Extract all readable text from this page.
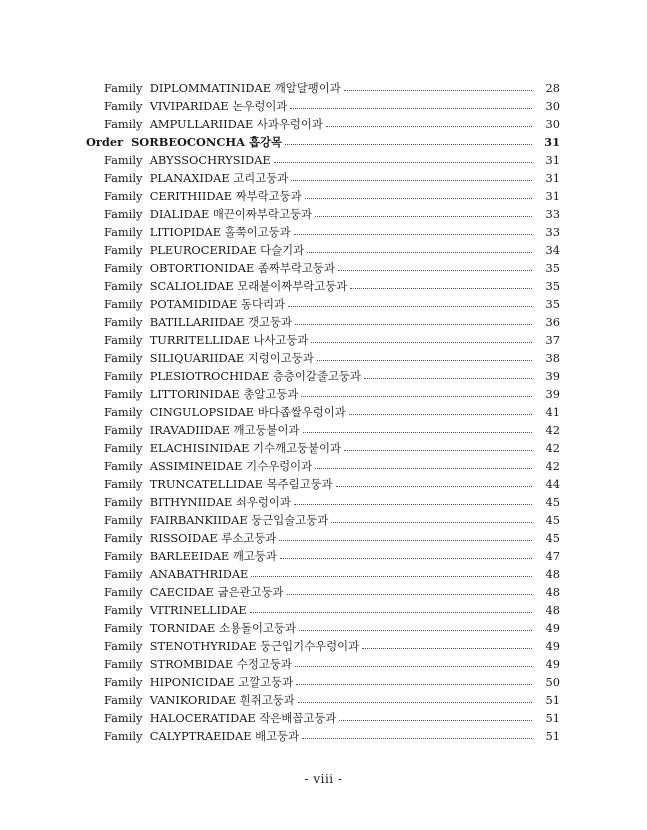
Family DIPLOMMATINIDAE 깨알달팽이과	28
Family VIVIPARIDAE 논우렁이과	30
Family AMPULLARIIDAE 사과우렁이과	30
Order SORBEOCONCHA 흡강목	31
Family ABYSSOCHRYSIDAE	31
Family PLANAXIDAE 고리고둥과	31
Family CERITHIIDAE 짜부락고둥과	31
Family DIALIDAE 매끈이짜부락고둥과	33
Family LITIOPIDAE 홀쭉이고둥과	33
Family PLEUROCERIDAE 다슬기과	34
Family OBTORTIONIDAE 좀짜부락고둥과	35
Family SCALIOLIDAE 모래붙이짜부락고둥과	35
Family POTAMIDIDAE 동다리과	35
Family BATILLARIIDAE 갯고둥과	36
Family TURRITELLIDAE 나사고둥과	37
Family SILIQUARIIDAE 지렁이고둥과	38
Family PLESIOTROCHIDAE 층층이갈줄고둥과	39
Family LITTORINIDAE 총알고둥과	39
Family CINGULOPSIDAE 바다좁쌀우렁이과	41
Family IRAVADIIDAE 깨고둥붙이과	42
Family ELACHISINIDAE 기수깨고둥붙이과	42
Family ASSIMINEIDAE 기수우렁이과	42
Family TRUNCATELLIDAE 목주림고둥과	44
Family BITHYNIIDAE 쇠우렁이과	45
Family FAIRBANKIIDAE 둥근입술고둥과	45
Family RISSOIDAE 루소고둥과	45
Family BARLEEIDAE 깨고둥과	47
Family ANABATHRIDAE	48
Family CAECIDAE 굽은관고둥과	48
Family VITRINELLIDAE	48
Family TORNIDAE 소용돌이고둥과	49
Family STENOTHYRIDAE 둥근입기수우렁이과	49
Family STROMBIDAE 수정고둥과	49
Family HIPONICIDAE 고깔고둥과	50
Family VANIKORIDAE 흰쥐고둥과	51
Family HALOCERATIDAE 작은배꼽고둥과	51
Family CALYPTRAEIDAE 배고둥과	51
- viii -
